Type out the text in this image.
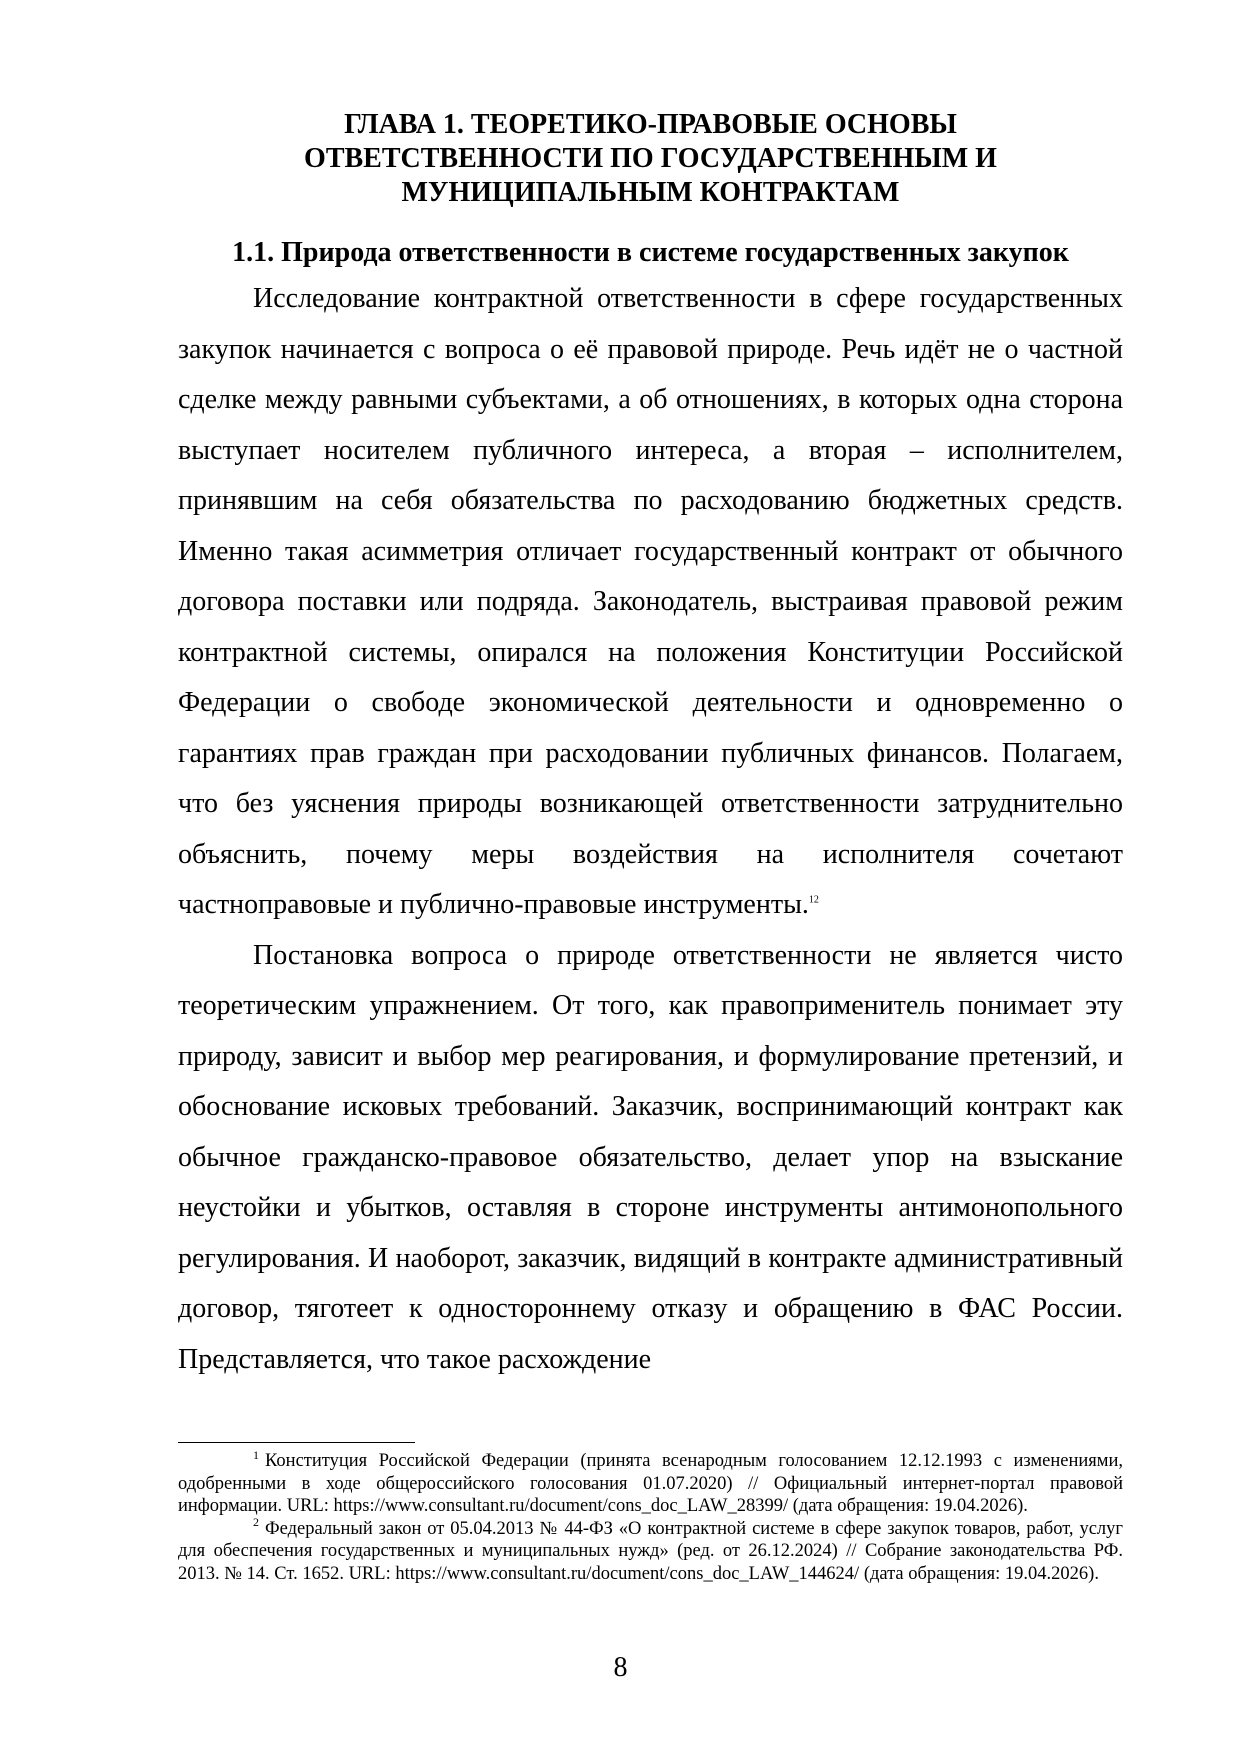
ГЛАВА 1. ТЕОРЕТИКО-ПРАВОВЫЕ ОСНОВЫ
ОТВЕТСТВЕННОСТИ ПО ГОСУДАРСТВЕННЫМ И
МУНИЦИПАЛЬНЫМ КОНТРАКТАМ
1.1. Природа ответственности в системе государственных закупок

Исследование контрактной ответственности в сфере государственных закупок начинается с вопроса о её правовой природе. Речь идёт не о частной сделке между равными субъектами, а об отношениях, в которых одна сторона выступает носителем публичного интереса, а вторая – исполнителем, принявшим на себя обязательства по расходованию бюджетных средств. Именно такая асимметрия отличает государственный контракт от обычного договора поставки или подряда. Законодатель, выстраивая правовой режим контрактной системы, опирался на положения Конституции Российской Федерации о свободе экономической деятельности и одновременно о гарантиях прав граждан при расходовании публичных финансов. Полагаем, что без уяснения природы возникающей ответственности затруднительно объяснить, почему меры воздействия на исполнителя сочетают частноправовые и публично-правовые инструменты.$^{12}$

Постановка вопроса о природе ответственности не является чисто теоретическим упражнением. От того, как правоприменитель понимает эту природу, зависит и выбор мер реагирования, и формулирование претензий, и обоснование исковых требований. Заказчик, воспринимающий контракт как обычное гражданско-правовое обязательство, делает упор на взыскание неустойки и убытков, оставляя в стороне инструменты антимонопольного регулирования. И наоборот, заказчик, видящий в контракте административный договор, тяготеет к одностороннему отказу и обращению в ФАС России. Представляется, что такое расхождение

$^1$ Конституция Российской Федерации (принята всенародным голосованием 12.12.1993 с изменениями, одобренными в ходе общероссийского голосования 01.07.2020) // Официальный интернет-портал правовой информации. URL: https://www.consultant.ru/document/cons_doc_LAW_28399/ (дата обращения: 19.04.2026).

$^2$ Федеральный закон от 05.04.2013 № 44-ФЗ «О контрактной системе в сфере закупок товаров, работ, услуг для обеспечения государственных и муниципальных нужд» (ред. от 26.12.2024) // Собрание законодательства РФ. 2013. № 14. Ст. 1652. URL: https://www.consultant.ru/document/cons_doc_LAW_144624/ (дата обращения: 19.04.2026).

8
